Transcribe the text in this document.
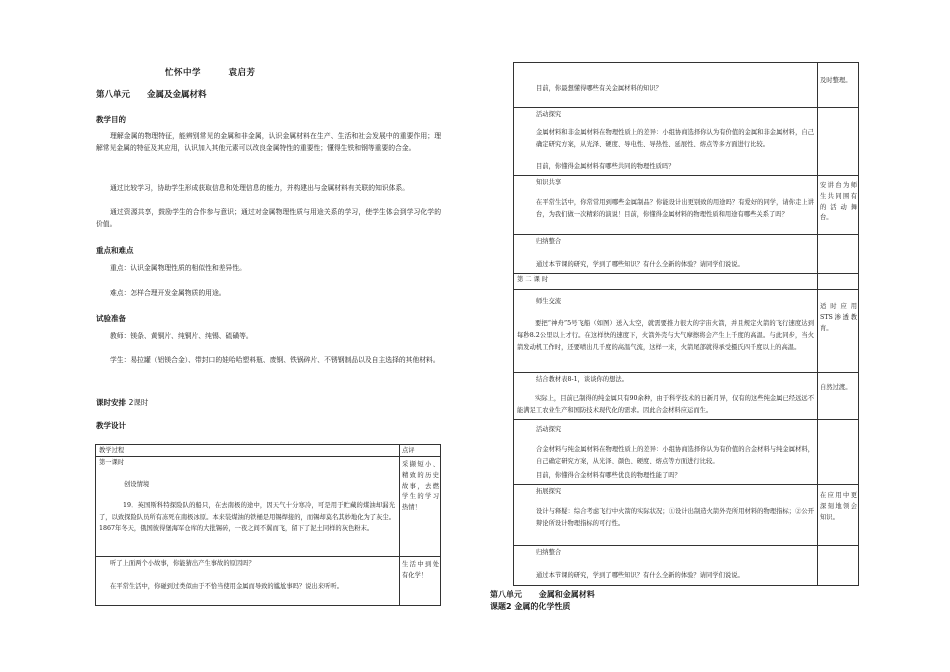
忙怀中学	袁启芳
第八单元 金属及金属材料
教学目的
理解金属的物理特征，能辨别常见的金属和非金属，认识金属材料在生产、生活和社会发展中的重要作用；理解常见金属的特征及其应用，认识加入其他元素可以改良金属特性的重要性；懂得生铁和钢等重要的合金。
通过比较学习，协助学生形成获取信息和处理信息的能力，并构建出与金属材料有关联的知识体系。
通过资源共享，鼓励学生的合作参与意识；通过对金属物理性质与用途关系的学习，使学生体会到学习化学的价值。
重点和难点
重点：认识金属物理性质的相似性和差异性。
难点：怎样合理开发金属物质的用途。
试验准备
教师：镁条、黄铜片、纯铜片、纯锡、硫磺等。
学生：易拉罐（铝镁合金）、带封口的娃哈哈塑料瓶、废钢、铁锅碎片、不锈钢制品以及自主选择的其他材料。
课时安排 2课时
教学设计
教学过程	点评
第一课时
创设情境
19．英国斯科特探险队的船只，在去南极的途中，因天气十分寒冷，可是用于贮藏的煤油却漏光了，以致探险队员所有冻死在南极冰原。本来装煤油的铁桶是用锡焊接的，而锡却莫名其妙地化为了灰尘。1867年冬天，俄国彼得堡海军仓库的大批锡砖，一夜之间不翼而飞，留下了泥土同样的灰色粉末。
采撷短小、精致的历史故事，去燃学生的学习热情！
听了上面两个小故事，你能猜出产生事故的原因吗？
在平常生活中，你碰到过类似由于不恰当使用金属而导致的尴尬事吗？说出来听听。
生活中到处有化学！
目前，你最想懂得哪些有关金属材料的知识？
及时整理。
活动探究
金属材料和非金属材料在物理性质上的差异：小组协商选择你认为有价值的金属和非金属材料，自己确定研究方案，从光泽、硬度、导电性、导热性、延展性、熔点等多方面进行比较。
目前，你懂得金属材料有哪些共同的物理性质吗？
知识共享
在平常生活中，你常常用到哪些金属制品？你能设计出更别致的用途吗？有爱好的同学，请你走上讲台，为我们做一次精彩的演说！目前，你懂得金属材料的物理性质和用途有哪些关系了吗？
安讲台为师生共同围有的活动舞台。
归纳整合
通过本节课的研究，学到了哪些知识？有什么全新的体验？请同学们说说。
第 二 课 时
师生交流
要把“神舟”5号飞船（如图）送入太空，就需要推力很大的宇宙火箭，并且规定火箭的飞行速度达到每秒8.2公里以上才行。在这样快的速度下，火箭外壳与大气摩擦将会产生上千度的高温。与此同步，当火箭发动机工作时，还要喷出几千度的高温气流，这样一来，火箭尾部就得承受摄氏四千度以上的高温。
适时应用STS渗透教育。
结合教材表8-1，谈谈你的想法。
实际上，目前已制得的纯金属只有90余种，由于科学技术的日新月异，仅有的这些纯金属已经远远不能满足工农业生产和国防技术现代化的需求。因此合金材料应运而生。
自然过渡。
活动探究
合金材料与纯金属材料在物理性质上的差异：小组协商选择你认为有价值的合金材料与纯金属材料，自己确定研究方案，从光泽、颜色、硬度、熔点等方面进行比较。
目前，你懂得合金材料有哪些优良的物理性能了吗？
拓展探究
设计与释疑：综合考虑飞行中火箭的实际状况；①设计出制造火箭外壳所用材料的物理指标；②公开辩论所设计物理指标的可行性。
在应用中更深刻地领会知识。
归纳整合
通过本节课的研究，学到了哪些知识？有什么全新的体验？请同学们说说。
第八单元 金属和金属材料
课题2 金属的化学性质
